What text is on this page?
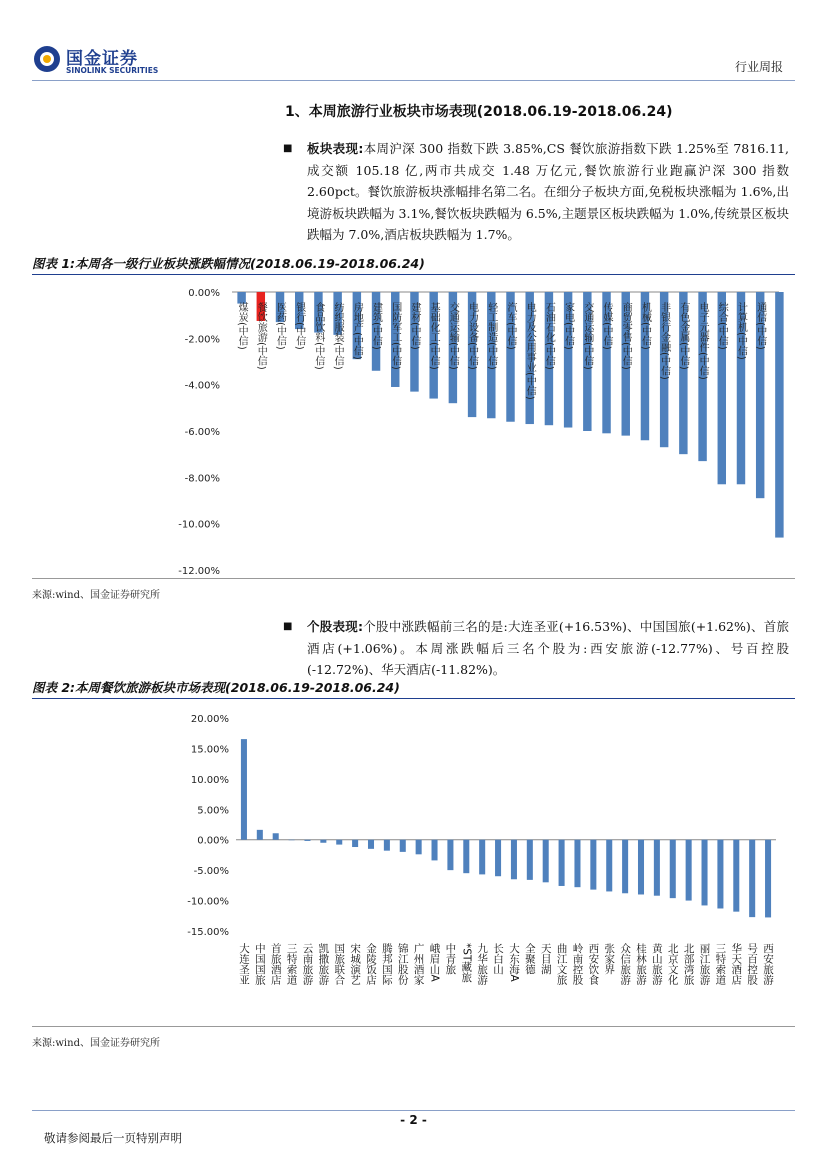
国金证券
SINOLINK SECURITIES	行业周报
1、本周旅游行业板块市场表现(2018.06.19-2018.06.24)
■ 板块表现:本周沪深 300 指数下跌 3.85%,CS 餐饮旅游指数下跌 1.25%至 7816.11,成交额 105.18 亿,两市共成交 1.48 万亿元,餐饮旅游行业跑赢沪深 300 指数 2.60pct。餐饮旅游板块涨幅排名第二名。在细分子板块方面,免税板块涨幅为 1.6%,出境游板块跌幅为 3.1%,餐饮板块跌幅为 6.5%,主题景区板块跌幅为 1.0%,传统景区板块跌幅为 7.0%,酒店板块跌幅为 1.7%。
图表 1:本周各一级行业板块涨跌幅情况(2018.06.19-2018.06.24)
0.00%
-2.00%
-4.00%
-6.00%
-8.00%
-10.00%
-12.00%
煤炭(中信) 餐饮旅游(中信) 医药(中信) 银行(中信) 食品饮料(中信) 纺织服装(中信) 房地产(中信) 建筑(中信) 国防军工(中信) 建材(中信) 基础化工(中信) 交通运输(中信) 电力设备(中信) 轻工制造(中信) 汽车(中信) 电力及公用事业(中信) 石油石化(中信) 家电(中信) 交通运输(中信) 传媒(中信) 商贸零售(中信) 机械(中信) 非银行金融(中信) 有色金属(中信) 电子元器件(中信) 综合(中信) 计算机(中信) 通信(中信)
来源:wind、国金证券研究所
■ 个股表现:个股中涨跌幅前三名的是:大连圣亚(+16.53%)、中国国旅(+1.62%)、首旅酒店(+1.06%)。本周涨跌幅后三名个股为:西安旅游(-12.77%)、号百控股(-12.72%)、华天酒店(-11.82%)。
图表 2:本周餐饮旅游板块市场表现(2018.06.19-2018.06.24)
20.00%
15.00%
10.00%
5.00%
0.00%
-5.00%
-10.00%
-15.00%
大连圣亚 中国国旅 首旅酒店 三特索道 云南旅游 凯撒旅游 国旅联合 宋城演艺 金陵饭店 腾邦国际 锦江股份 广州酒家 峨眉山A 中青旅 *ST藏旅 九华旅游 长白山 大东海A 全聚德 天目湖 曲江文旅 岭南控股 西安饮食 张家界 众信旅游 桂林旅游 黄山旅游 北京文化 北部湾旅 丽江旅游 三特索道 华天酒店 号百控股 西安旅游
来源:wind、国金证券研究所
- 2 -
敬请参阅最后一页特别声明
